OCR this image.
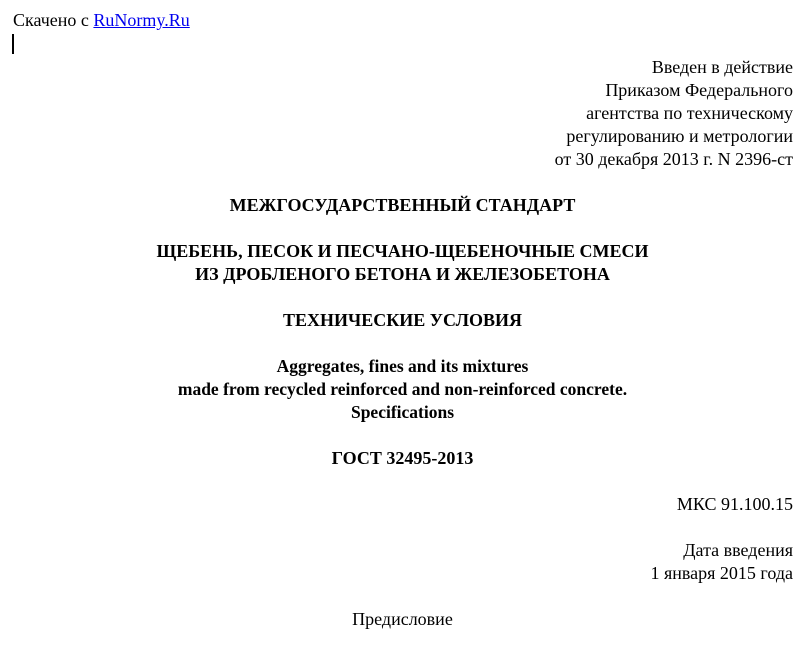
Скачено с RuNormy.Ru
Введен в действие
Приказом Федерального
агентства по техническому
регулированию и метрологии
от 30 декабря 2013 г. N 2396-ст
МЕЖГОСУДАРСТВЕННЫЙ СТАНДАРТ
ЩЕБЕНЬ, ПЕСОК И ПЕСЧАНО-ЩЕБЕНОЧНЫЕ СМЕСИ
ИЗ ДРОБЛЕНОГО БЕТОНА И ЖЕЛЕЗОБЕТОНА
ТЕХНИЧЕСКИЕ УСЛОВИЯ
Aggregates, fines and its mixtures
made from recycled reinforced and non-reinforced concrete.
Specifications
ГОСТ 32495-2013
МКС 91.100.15
Дата введения
1 января 2015 года
Предисловие
